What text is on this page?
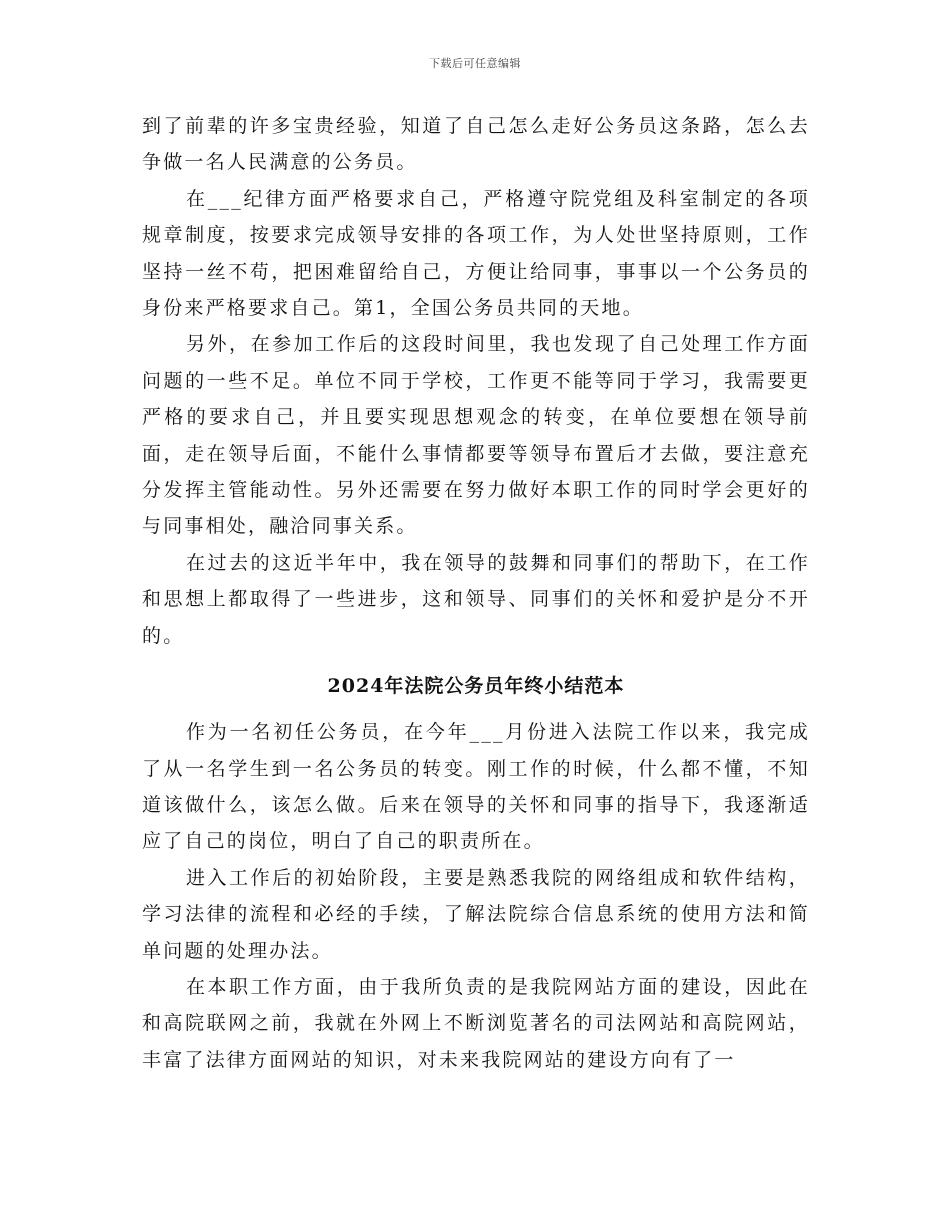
下载后可任意编辑

到了前辈的许多宝贵经验，知道了自己怎么走好公务员这条路，怎么去争做一名人民满意的公务员。

在___纪律方面严格要求自己，严格遵守院党组及科室制定的各项规章制度，按要求完成领导安排的各项工作，为人处世坚持原则，工作坚持一丝不苟，把困难留给自己，方便让给同事，事事以一个公务员的身份来严格要求自己。第1，全国公务员共同的天地。

另外，在参加工作后的这段时间里，我也发现了自己处理工作方面问题的一些不足。单位不同于学校，工作更不能等同于学习，我需要更严格的要求自己，并且要实现思想观念的转变，在单位要想在领导前面，走在领导后面，不能什么事情都要等领导布置后才去做，要注意充分发挥主管能动性。另外还需要在努力做好本职工作的同时学会更好的与同事相处，融洽同事关系。

在过去的这近半年中，我在领导的鼓舞和同事们的帮助下，在工作和思想上都取得了一些进步，这和领导、同事们的关怀和爱护是分不开的。

2024年法院公务员年终小结范本

作为一名初任公务员，在今年___月份进入法院工作以来，我完成了从一名学生到一名公务员的转变。刚工作的时候，什么都不懂，不知道该做什么，该怎么做。后来在领导的关怀和同事的指导下，我逐渐适应了自己的岗位，明白了自己的职责所在。

进入工作后的初始阶段，主要是熟悉我院的网络组成和软件结构，学习法律的流程和必经的手续，了解法院综合信息系统的使用方法和简单问题的处理办法。

在本职工作方面，由于我所负责的是我院网站方面的建设，因此在和高院联网之前，我就在外网上不断浏览著名的司法网站和高院网站，丰富了法律方面网站的知识，对未来我院网站的建设方向有了一
